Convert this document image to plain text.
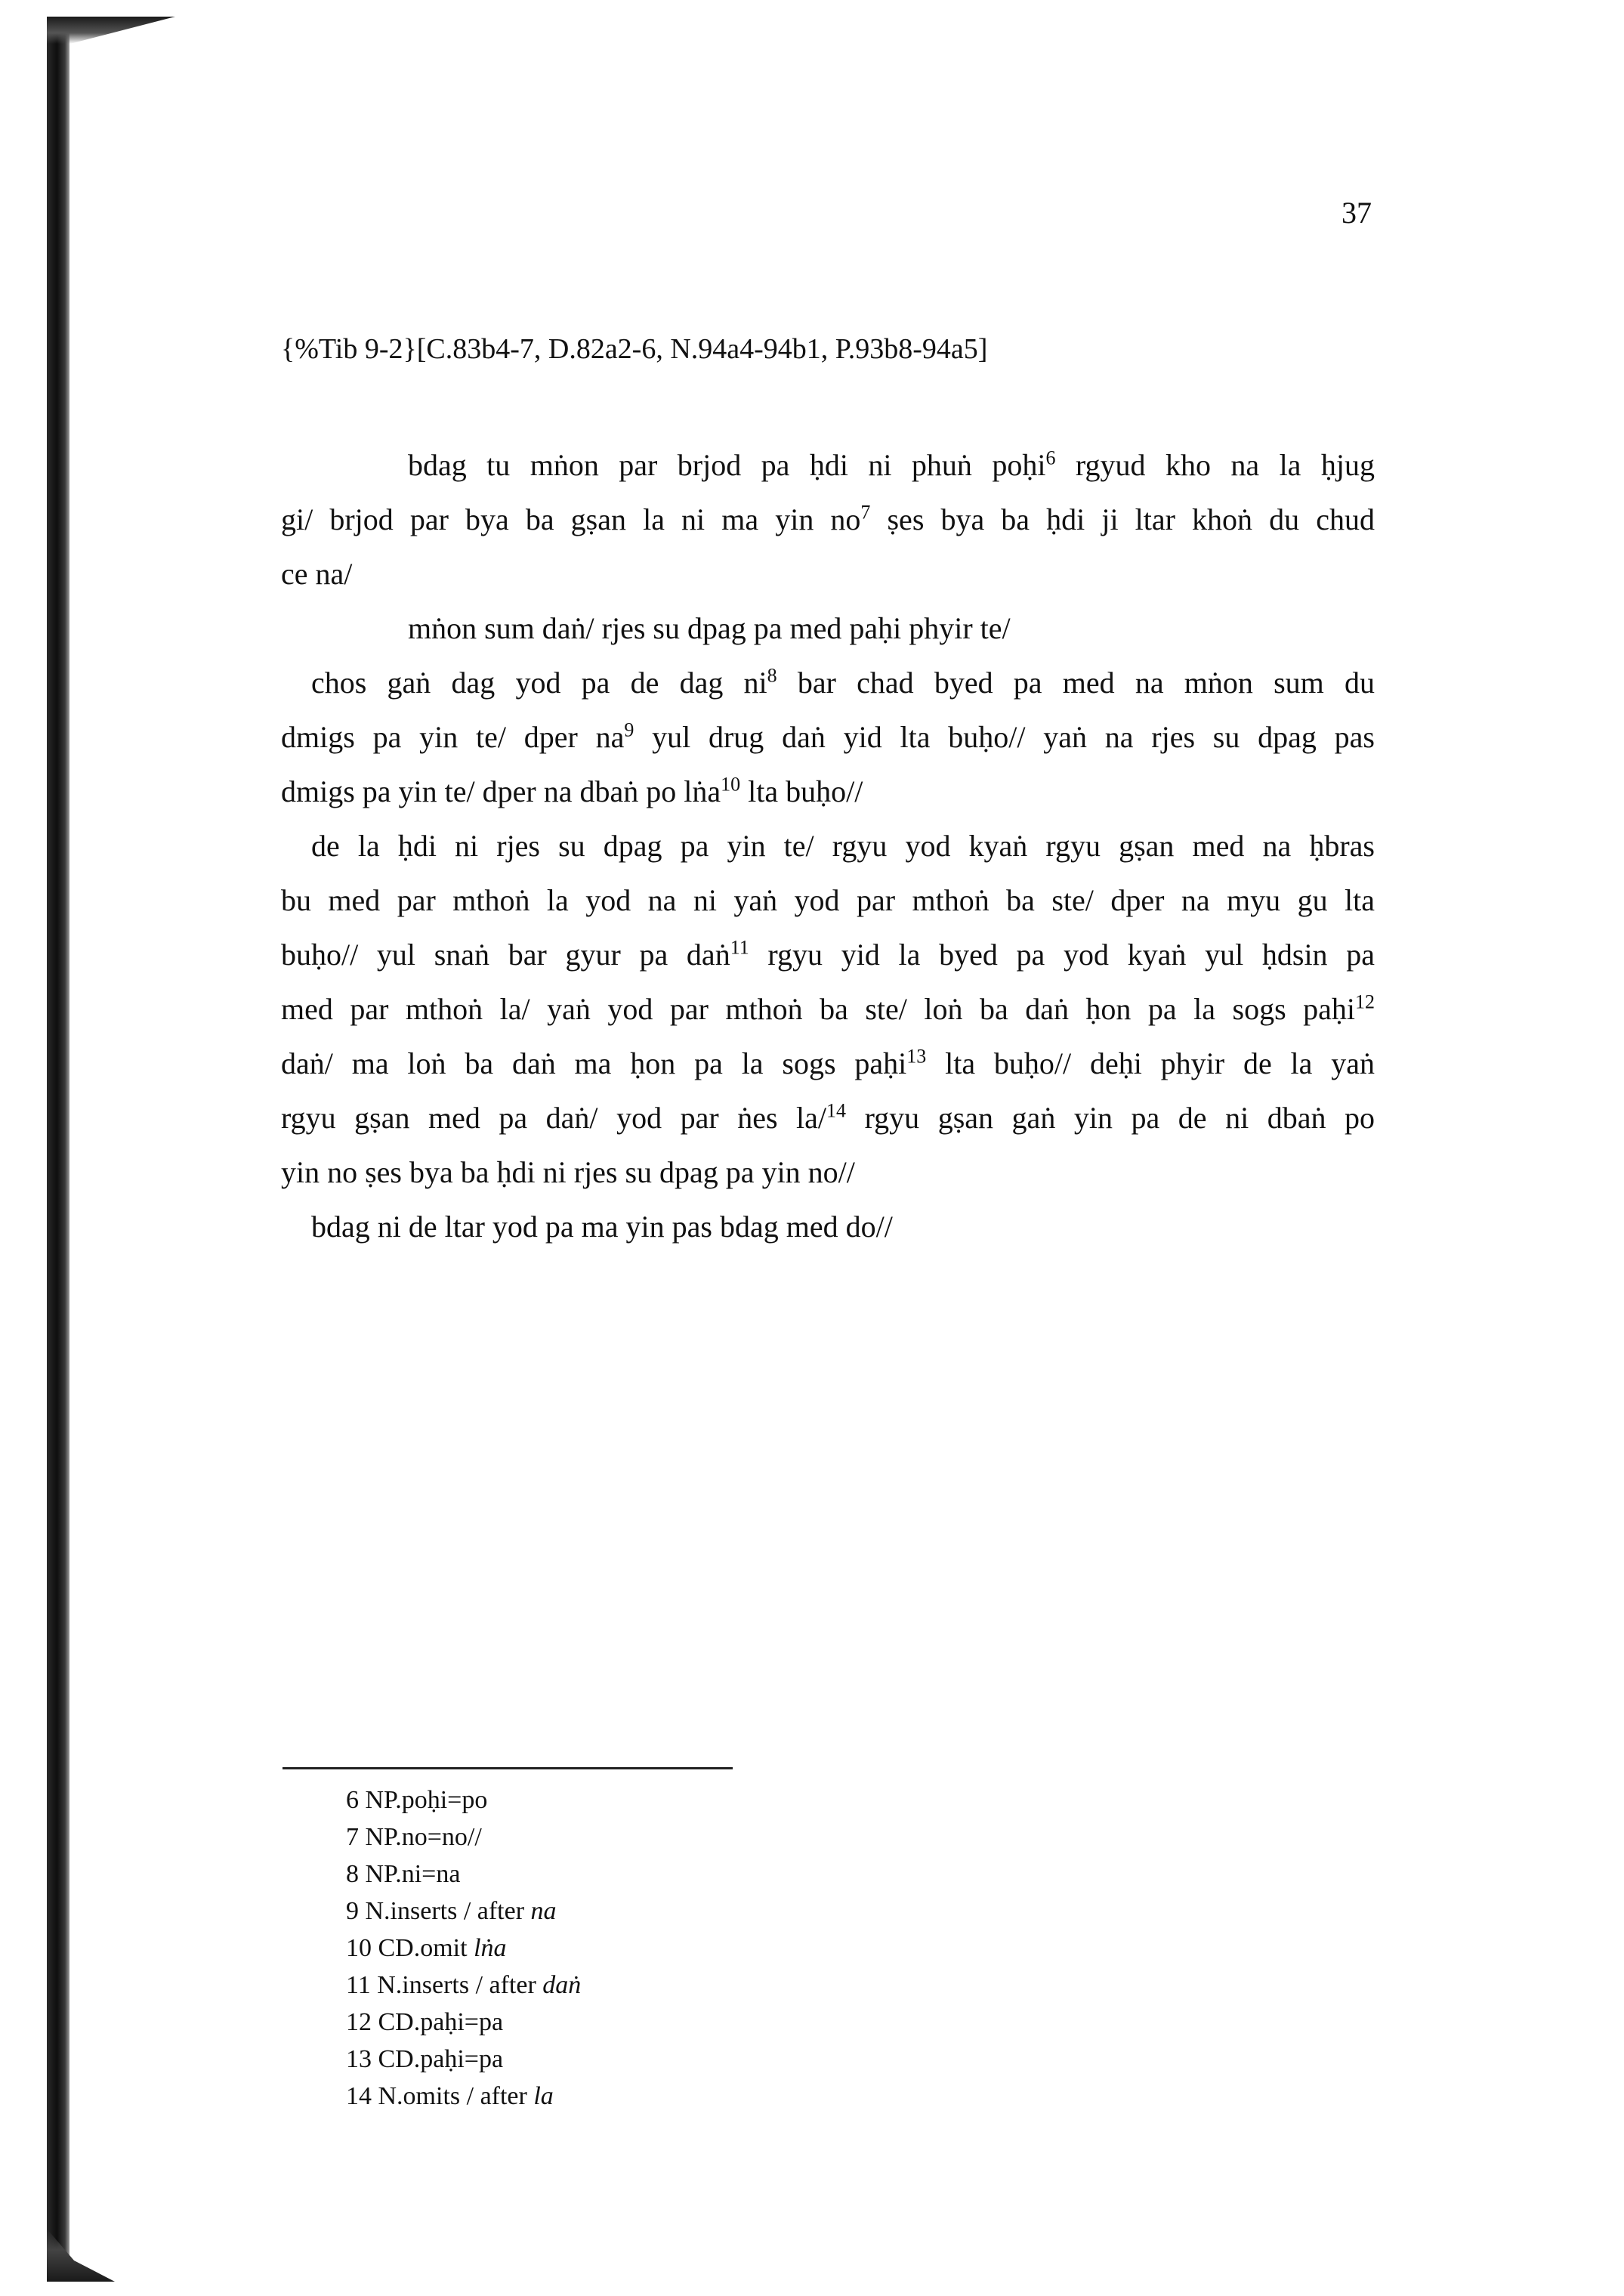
37
{%Tib 9-2}[C.83b4-7, D.82a2-6, N.94a4-94b1, P.93b8-94a5]
bdag tu mṅon par brjod pa ḥdi ni phuṅ poḥi$^6$ rgyud kho na la ḥjug
gi/ brjod par bya ba gṣan la ni ma yin $no^7$ ṣes bya ba ḥdi ji ltar khoṅ du chud
ce na/
mṅon sum daṅ/ rjes su dpag pa med paḥi phyir te/
chos gaṅ dag yod pa de dag $ni^8$ bar chad byed pa med na mṅon sum du
dmigs pa yin te/ dper $na^9$ yul drug daṅ yid lta buḥo// yaṅ na rjes su dpag pas
dmigs pa yin te/ dper na dbaṅ po lṅa$^{10}$ lta buḥo//
de la ḥdi ni rjes su dpag pa yin te/ rgyu yod kyaṅ rgyu gṣan med na ḥbras
bu med par mthoṅ la yod na ni yaṅ yod par mthoṅ ba ste/ dper na myu gu lta
buḥo// yul snaṅ bar gyur pa daṅ$^{11}$ rgyu yid la byed pa yod kyaṅ yul ḥdsin pa
med par mthoṅ la/ yaṅ yod par mthoṅ ba ste/ loṅ ba daṅ ḥon pa la sogs paḥi$^{12}$
daṅ/ ma loṅ ba daṅ ma ḥon pa la sogs paḥi$^{13}$ lta buḥo// deḥi phyir de la yaṅ
rgyu gṣan med pa daṅ/ yod par ṅes la/$^{14}$ rgyu gṣan gaṅ yin pa de ni dbaṅ po
yin no ṣes bya ba ḥdi ni rjes su dpag pa yin no//
bdag ni de ltar yod pa ma yin pas bdag med do//
6 NP.poḥi=po
7 NP.no=no//
8 NP.ni=na
9 N.inserts / after na
10 CD.omit lṅa
11 N.inserts / after daṅ
12 CD.paḥi=pa
13 CD.paḥi=pa
14 N.omits / after la
